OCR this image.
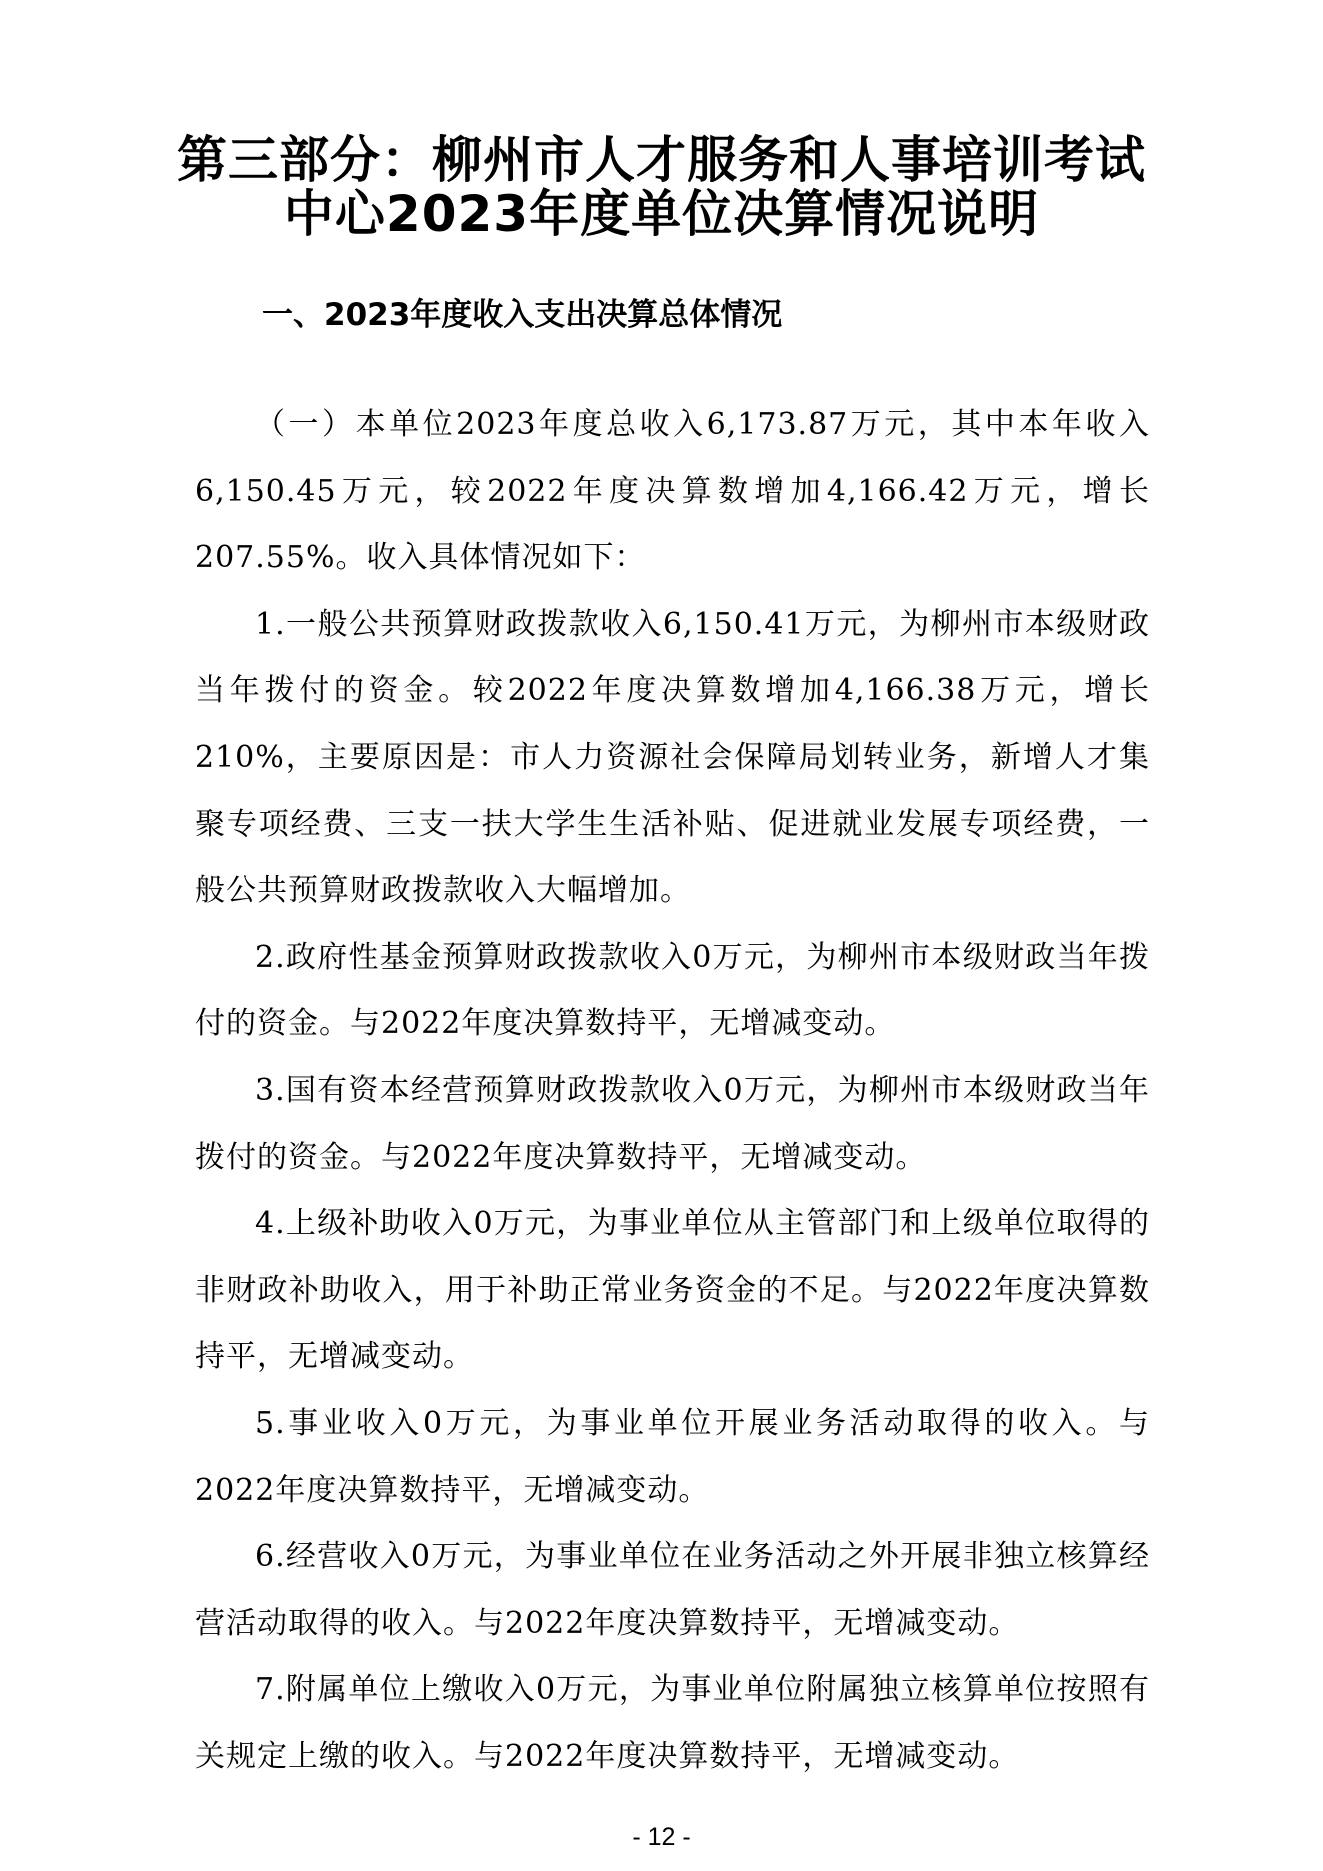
第三部分：柳州市人才服务和人事培训考试
中心2023年度单位决算情况说明
一、2023年度收入支出决算总体情况

（一）本单位2023年度总收入6,173.87万元，其中本年收入6,150.45万元，较2022年度决算数增加4,166.42万元，增长207.55%。收入具体情况如下：

1.一般公共预算财政拨款收入6,150.41万元，为柳州市本级财政当年拨付的资金。较2022年度决算数增加4,166.38万元，增长210%，主要原因是：市人力资源社会保障局划转业务，新增人才集聚专项经费、三支一扶大学生生活补贴、促进就业发展专项经费，一般公共预算财政拨款收入大幅增加。

2.政府性基金预算财政拨款收入0万元，为柳州市本级财政当年拨付的资金。与2022年度决算数持平，无增减变动。

3.国有资本经营预算财政拨款收入0万元，为柳州市本级财政当年拨付的资金。与2022年度决算数持平，无增减变动。

4.上级补助收入0万元，为事业单位从主管部门和上级单位取得的非财政补助收入，用于补助正常业务资金的不足。与2022年度决算数持平，无增减变动。

5.事业收入0万元，为事业单位开展业务活动取得的收入。与2022年度决算数持平，无增减变动。

6.经营收入0万元，为事业单位在业务活动之外开展非独立核算经营活动取得的收入。与2022年度决算数持平，无增减变动。

7.附属单位上缴收入0万元，为事业单位附属独立核算单位按照有关规定上缴的收入。与2022年度决算数持平，无增减变动。

- 12 -
